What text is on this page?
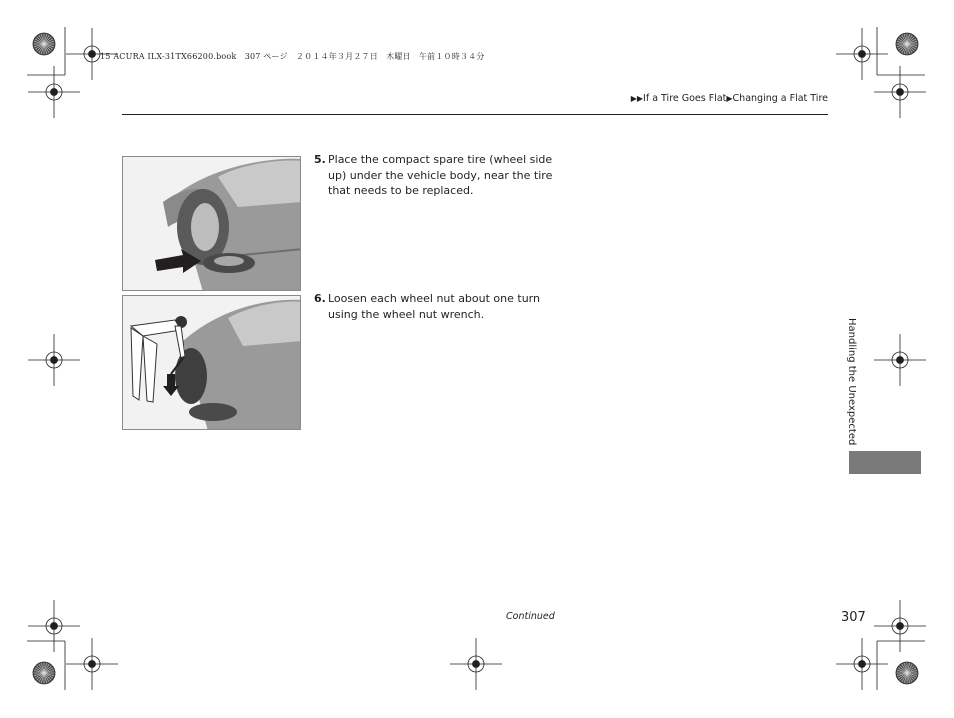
15 ACURA ILX-31TX66200.book　307 ページ　２０１４年３月２７日　木曜日　午前１０時３４分
▶▶If a Tire Goes Flat▶Changing a Flat Tire
5. Place the compact spare tire (wheel side up) under the vehicle body, near the tire that needs to be replaced.
6. Loosen each wheel nut about one turn using the wheel nut wrench.
Handling the Unexpected
Continued	307
